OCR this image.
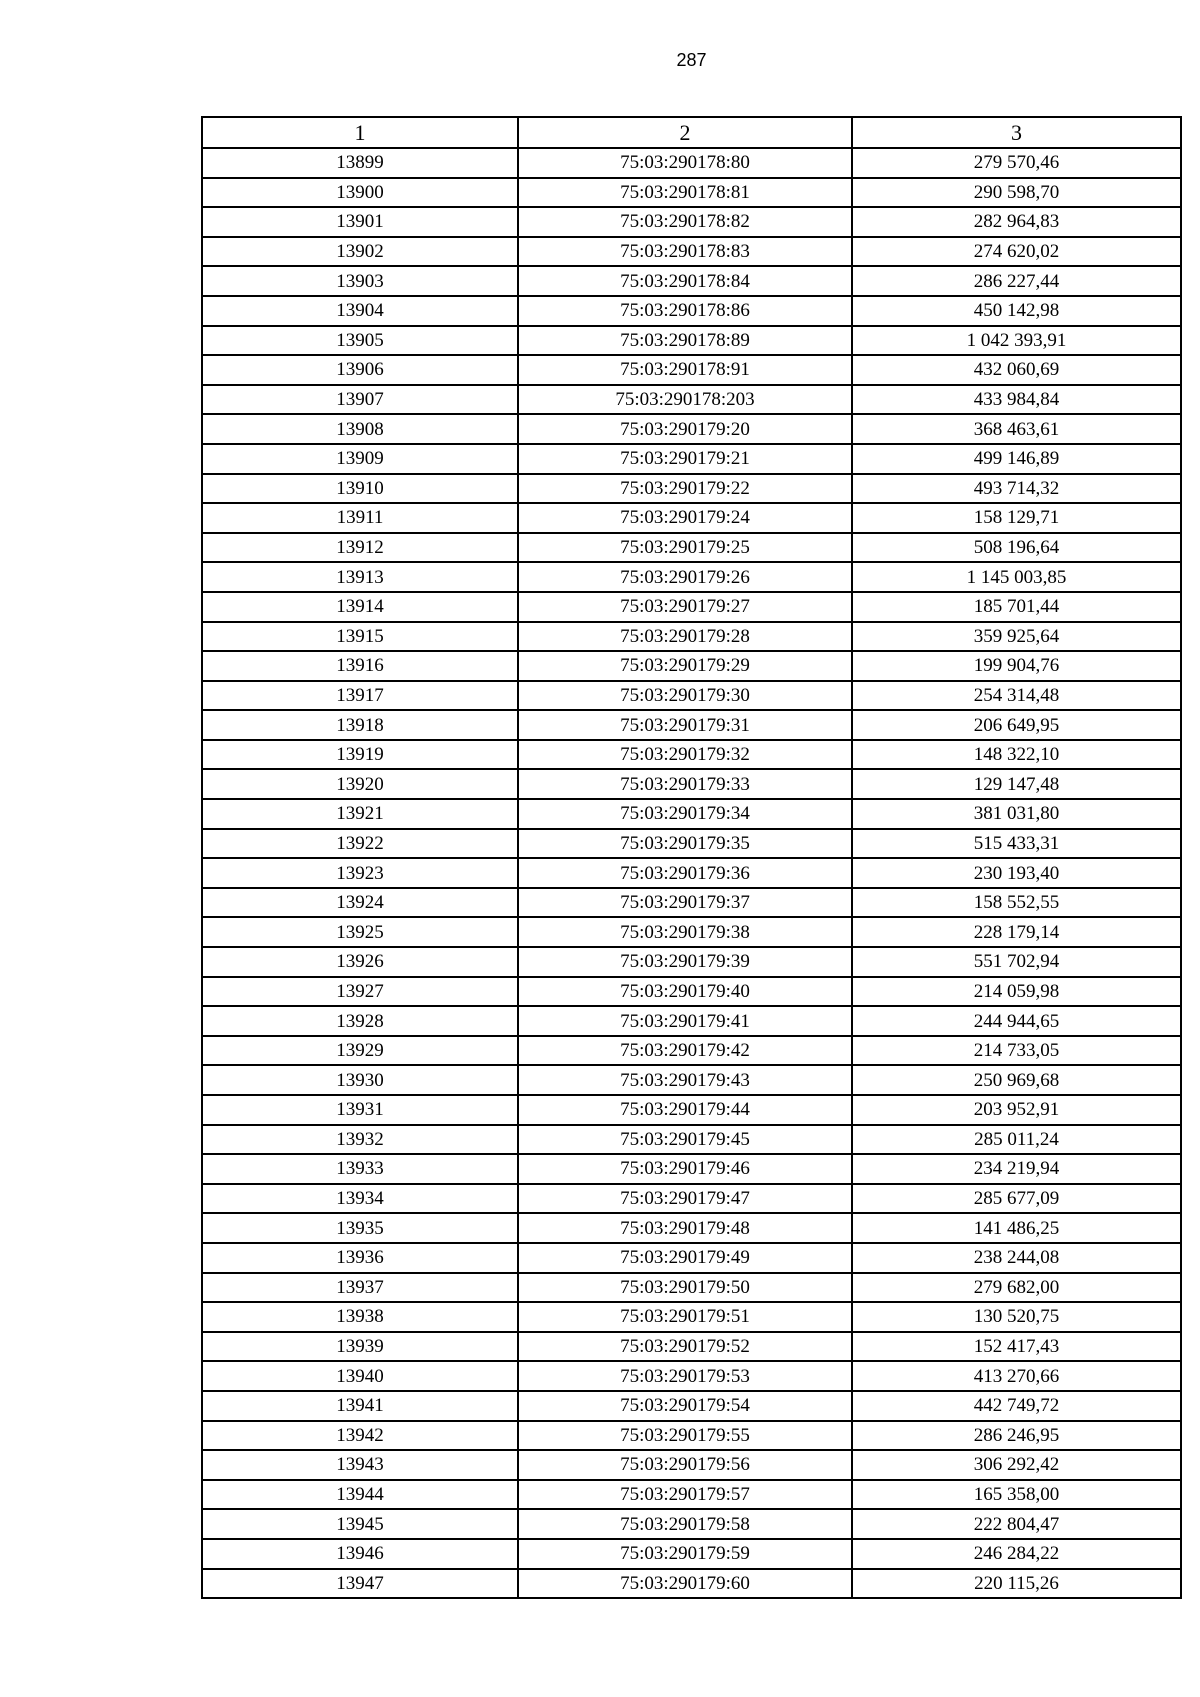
287
1	2	3
13899	75:03:290178:80	279 570,46
13900	75:03:290178:81	290 598,70
13901	75:03:290178:82	282 964,83
13902	75:03:290178:83	274 620,02
13903	75:03:290178:84	286 227,44
13904	75:03:290178:86	450 142,98
13905	75:03:290178:89	1 042 393,91
13906	75:03:290178:91	432 060,69
13907	75:03:290178:203	433 984,84
13908	75:03:290179:20	368 463,61
13909	75:03:290179:21	499 146,89
13910	75:03:290179:22	493 714,32
13911	75:03:290179:24	158 129,71
13912	75:03:290179:25	508 196,64
13913	75:03:290179:26	1 145 003,85
13914	75:03:290179:27	185 701,44
13915	75:03:290179:28	359 925,64
13916	75:03:290179:29	199 904,76
13917	75:03:290179:30	254 314,48
13918	75:03:290179:31	206 649,95
13919	75:03:290179:32	148 322,10
13920	75:03:290179:33	129 147,48
13921	75:03:290179:34	381 031,80
13922	75:03:290179:35	515 433,31
13923	75:03:290179:36	230 193,40
13924	75:03:290179:37	158 552,55
13925	75:03:290179:38	228 179,14
13926	75:03:290179:39	551 702,94
13927	75:03:290179:40	214 059,98
13928	75:03:290179:41	244 944,65
13929	75:03:290179:42	214 733,05
13930	75:03:290179:43	250 969,68
13931	75:03:290179:44	203 952,91
13932	75:03:290179:45	285 011,24
13933	75:03:290179:46	234 219,94
13934	75:03:290179:47	285 677,09
13935	75:03:290179:48	141 486,25
13936	75:03:290179:49	238 244,08
13937	75:03:290179:50	279 682,00
13938	75:03:290179:51	130 520,75
13939	75:03:290179:52	152 417,43
13940	75:03:290179:53	413 270,66
13941	75:03:290179:54	442 749,72
13942	75:03:290179:55	286 246,95
13943	75:03:290179:56	306 292,42
13944	75:03:290179:57	165 358,00
13945	75:03:290179:58	222 804,47
13946	75:03:290179:59	246 284,22
13947	75:03:290179:60	220 115,26
